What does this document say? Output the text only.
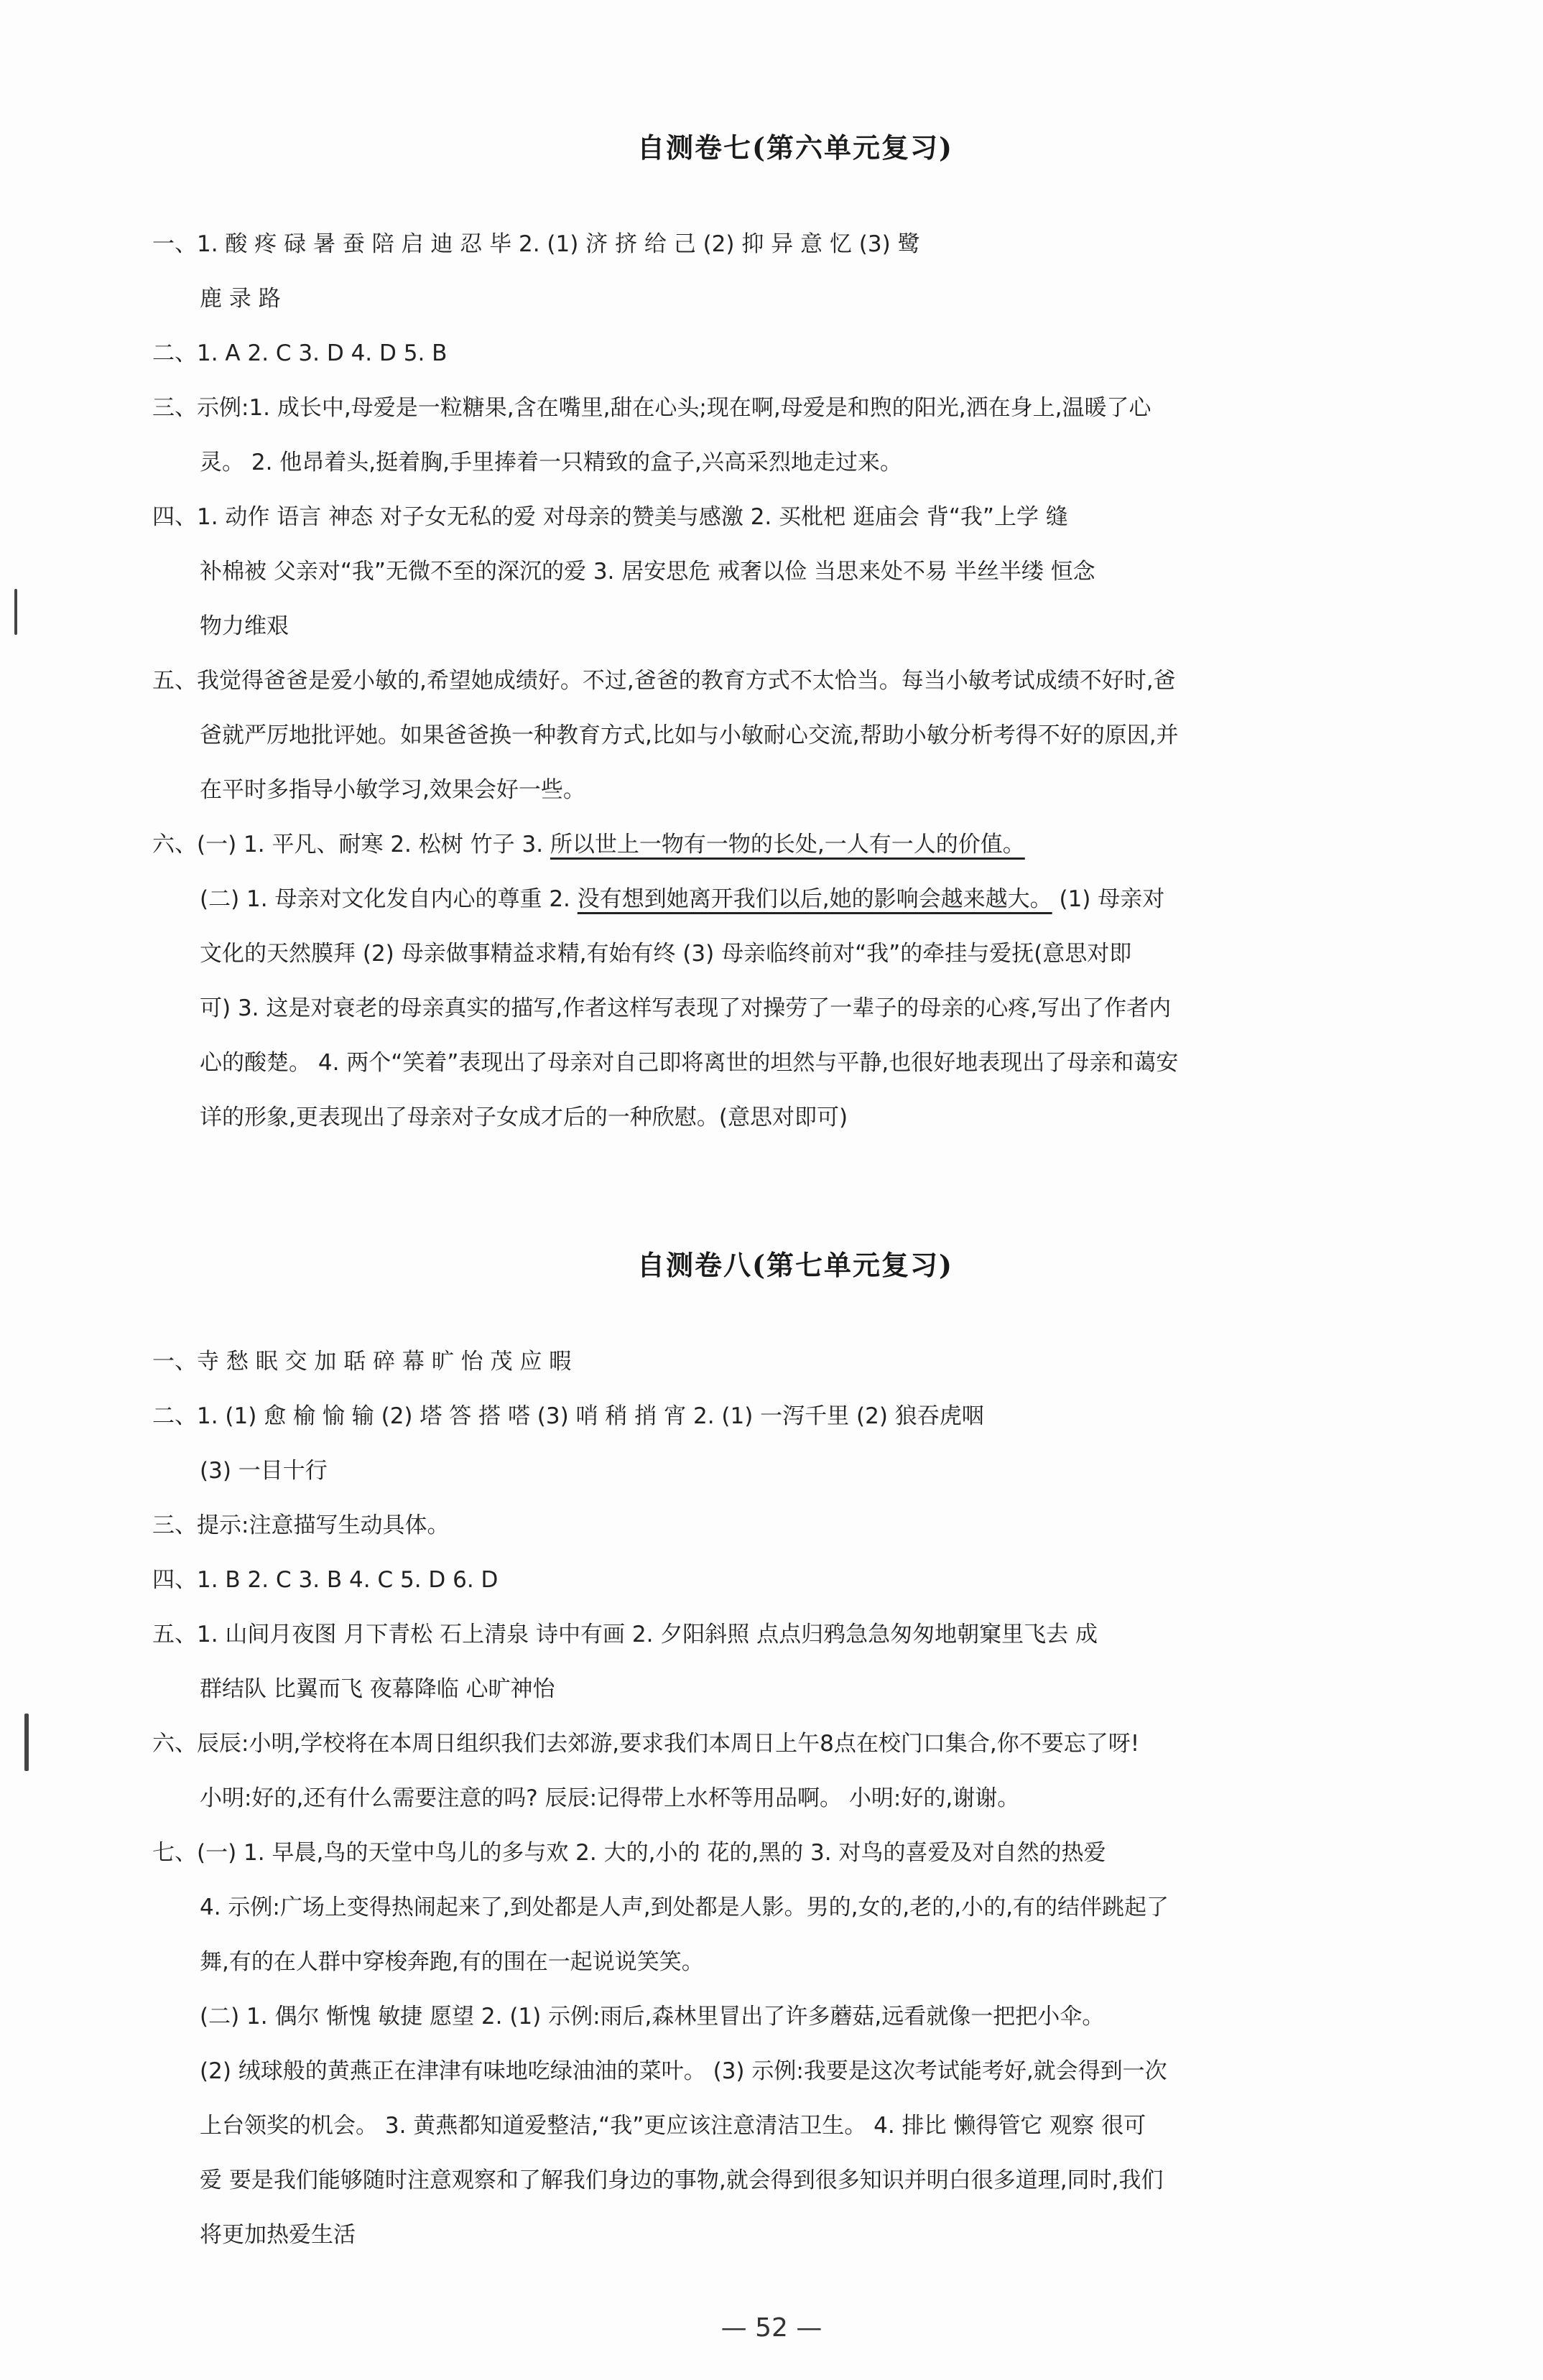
自测卷七(第六单元复习)
一、1. 酸 疼 碌 暑 蚕 陪 启 迪 忍 毕 2. (1) 济 挤 给 己 (2) 抑 异 意 忆 (3) 鹭
鹿 录 路
二、1. A 2. C 3. D 4. D 5. B
三、示例:1. 成长中,母爱是一粒糖果,含在嘴里,甜在心头;现在啊,母爱是和煦的阳光,洒在身上,温暖了心
灵。 2. 他昂着头,挺着胸,手里捧着一只精致的盒子,兴高采烈地走过来。
四、1. 动作 语言 神态 对子女无私的爱 对母亲的赞美与感激 2. 买枇杷 逛庙会 背“我”上学 缝
补棉被 父亲对“我”无微不至的深沉的爱 3. 居安思危 戒奢以俭 当思来处不易 半丝半缕 恒念
物力维艰
五、我觉得爸爸是爱小敏的,希望她成绩好。不过,爸爸的教育方式不太恰当。每当小敏考试成绩不好时,爸
爸就严厉地批评她。如果爸爸换一种教育方式,比如与小敏耐心交流,帮助小敏分析考得不好的原因,并
在平时多指导小敏学习,效果会好一些。
六、(一) 1. 平凡、耐寒 2. 松树 竹子 3. 所以世上一物有一物的长处,一人有一人的价值。
(二) 1. 母亲对文化发自内心的尊重 2. 没有想到她离开我们以后,她的影响会越来越大。 (1) 母亲对
文化的天然膜拜 (2) 母亲做事精益求精,有始有终 (3) 母亲临终前对“我”的牵挂与爱抚(意思对即
可) 3. 这是对衰老的母亲真实的描写,作者这样写表现了对操劳了一辈子的母亲的心疼,写出了作者内
心的酸楚。 4. 两个“笑着”表现出了母亲对自己即将离世的坦然与平静,也很好地表现出了母亲和蔼安
详的形象,更表现出了母亲对子女成才后的一种欣慰。(意思对即可)
自测卷八(第七单元复习)
一、寺 愁 眠 交 加 聒 碎 幕 旷 怡 茂 应 暇
二、1. (1) 愈 榆 愉 输 (2) 塔 答 搭 嗒 (3) 哨 稍 捎 宵 2. (1) 一泻千里 (2) 狼吞虎咽
(3) 一目十行
三、提示:注意描写生动具体。
四、1. B 2. C 3. B 4. C 5. D 6. D
五、1. 山间月夜图 月下青松 石上清泉 诗中有画 2. 夕阳斜照 点点归鸦急急匆匆地朝窠里飞去 成
群结队 比翼而飞 夜幕降临 心旷神怡
六、辰辰:小明,学校将在本周日组织我们去郊游,要求我们本周日上午8点在校门口集合,你不要忘了呀!
小明:好的,还有什么需要注意的吗? 辰辰:记得带上水杯等用品啊。 小明:好的,谢谢。
七、(一) 1. 早晨,鸟的天堂中鸟儿的多与欢 2. 大的,小的 花的,黑的 3. 对鸟的喜爱及对自然的热爱
4. 示例:广场上变得热闹起来了,到处都是人声,到处都是人影。男的,女的,老的,小的,有的结伴跳起了
舞,有的在人群中穿梭奔跑,有的围在一起说说笑笑。
(二) 1. 偶尔 惭愧 敏捷 愿望 2. (1) 示例:雨后,森林里冒出了许多蘑菇,远看就像一把把小伞。
(2) 绒球般的黄燕正在津津有味地吃绿油油的菜叶。 (3) 示例:我要是这次考试能考好,就会得到一次
上台领奖的机会。 3. 黄燕都知道爱整洁,“我”更应该注意清洁卫生。 4. 排比 懒得管它 观察 很可
爱 要是我们能够随时注意观察和了解我们身边的事物,就会得到很多知识并明白很多道理,同时,我们
将更加热爱生活
— 52 —
